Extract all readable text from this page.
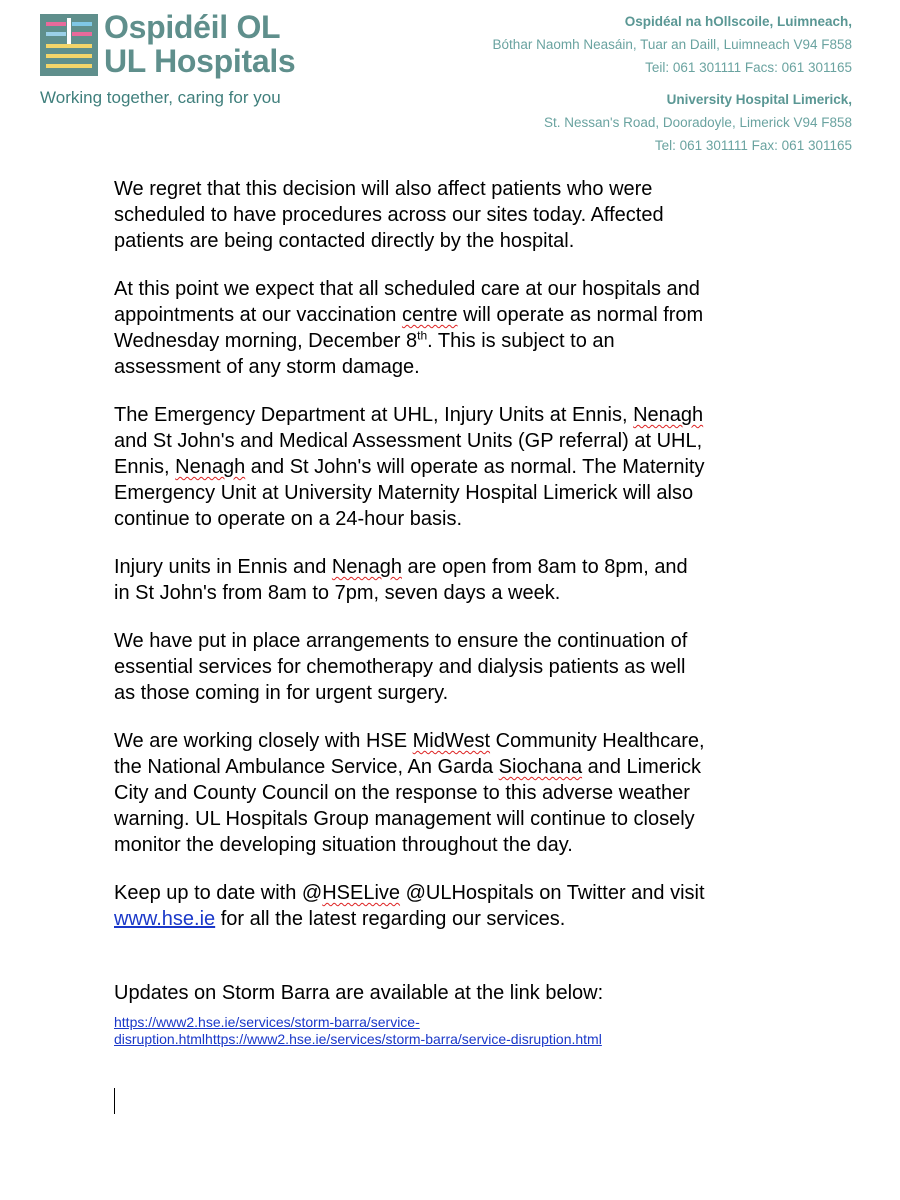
Ospidéil OL
UL Hospitals
Working together, caring for you
Ospidéal na hOllscoile, Luimneach,
Bóthar Naomh Neasáin, Tuar an Daill, Luimneach V94 F858
Teil: 061 301111 Facs: 061 301165
University Hospital Limerick,
St. Nessan's Road, Dooradoyle, Limerick V94 F858
Tel: 061 301111 Fax: 061 301165

We regret that this decision will also affect patients who were
scheduled to have procedures across our sites today. Affected
patients are being contacted directly by the hospital.

At this point we expect that all scheduled care at our hospitals and
appointments at our vaccination centre will operate as normal from
Wednesday morning, December 8th. This is subject to an
assessment of any storm damage.

The Emergency Department at UHL, Injury Units at Ennis, Nenagh
and St John's and Medical Assessment Units (GP referral) at UHL,
Ennis, Nenagh and St John's will operate as normal. The Maternity
Emergency Unit at University Maternity Hospital Limerick will also
continue to operate on a 24-hour basis.

Injury units in Ennis and Nenagh are open from 8am to 8pm, and
in St John's from 8am to 7pm, seven days a week.

We have put in place arrangements to ensure the continuation of
essential services for chemotherapy and dialysis patients as well
as those coming in for urgent surgery.

We are working closely with HSE MidWest Community Healthcare,
the National Ambulance Service, An Garda Siochana and Limerick
City and County Council on the response to this adverse weather
warning. UL Hospitals Group management will continue to closely
monitor the developing situation throughout the day.

Keep up to date with @HSELive @ULHospitals on Twitter and visit
www.hse.ie for all the latest regarding our services.

Updates on Storm Barra are available at the link below:

https://www2.hse.ie/services/storm-barra/service-
disruption.htmlhttps://www2.hse.ie/services/storm-barra/service-disruption.html
